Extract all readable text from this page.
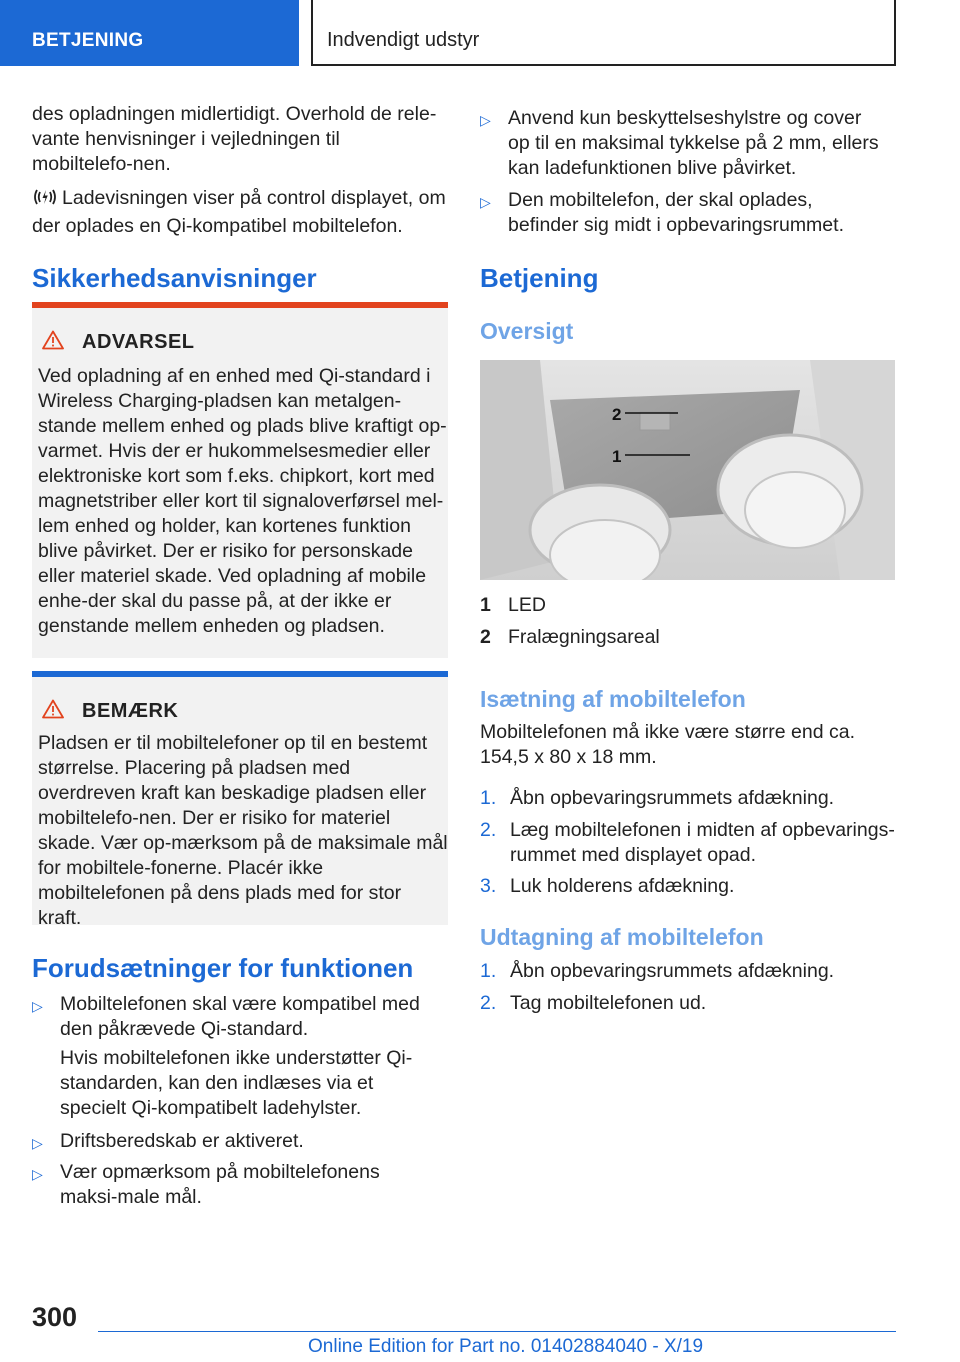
BETJENING	Indvendigt udstyr

des opladningen midlertidigt. Overhold de rele-vante henvisninger i vejledningen til mobiltelefo-nen.

Ladevisningen viser på control displayet, om der oplades en Qi-kompatibel mobiltelefon.
Sikkerhedsanvisninger
ADVARSEL

Ved opladning af en enhed med Qi-standard i Wireless Charging-pladsen kan metalgen-stande mellem enhed og plads blive kraftigt op-varmet. Hvis der er hukommelsesmedier eller elektroniske kort som f.eks. chipkort, kort med magnetstriber eller kort til signaloverførsel mel-lem enhed og holder, kan kortenes funktion blive påvirket. Der er risiko for personskade eller materiel skade. Ved opladning af mobile enhe-der skal du passe på, at der ikke er genstande mellem enheden og pladsen.

BEMÆRK

Pladsen er til mobiltelefoner op til en bestemt størrelse. Placering på pladsen med overdreven kraft kan beskadige pladsen eller mobiltelefo-nen. Der er risiko for materiel skade. Vær op-mærksom på de maksimale mål for mobiltele-fonerne. Placér ikke mobiltelefonen på dens plads med for stor kraft.

Forudsætninger for funktionen
▷ Mobiltelefonen skal være kompatibel med den påkrævede Qi-standard.

Hvis mobiltelefonen ikke understøtter Qi-standarden, kan den indlæses via et specielt Qi-kompatibelt ladehylster.

▷ Driftsberedskab er aktiveret.
▷ Vær opmærksom på mobiltelefonens maksi-male mål.
▷ Anvend kun beskyttelseshylstre og cover op til en maksimal tykkelse på 2 mm, ellers kan ladefunktionen blive påvirket.
▷ Den mobiltelefon, der skal oplades, befinder sig midt i opbevaringsrummet.
Betjening
Oversigt
2
1
1 LED
2 Fralægningsareal
Isætning af mobiltelefon

Mobiltelefonen må ikke være større end ca. 154,5 x 80 x 18 mm.

1. Åbn opbevaringsrummets afdækning.
2. Læg mobiltelefonen i midten af opbevarings-rummet med displayet opad.
3. Luk holderens afdækning.
Udtagning af mobiltelefon
1. Åbn opbevaringsrummets afdækning.
2. Tag mobiltelefonen ud.
300
Online Edition for Part no. 01402884040 - X/19
